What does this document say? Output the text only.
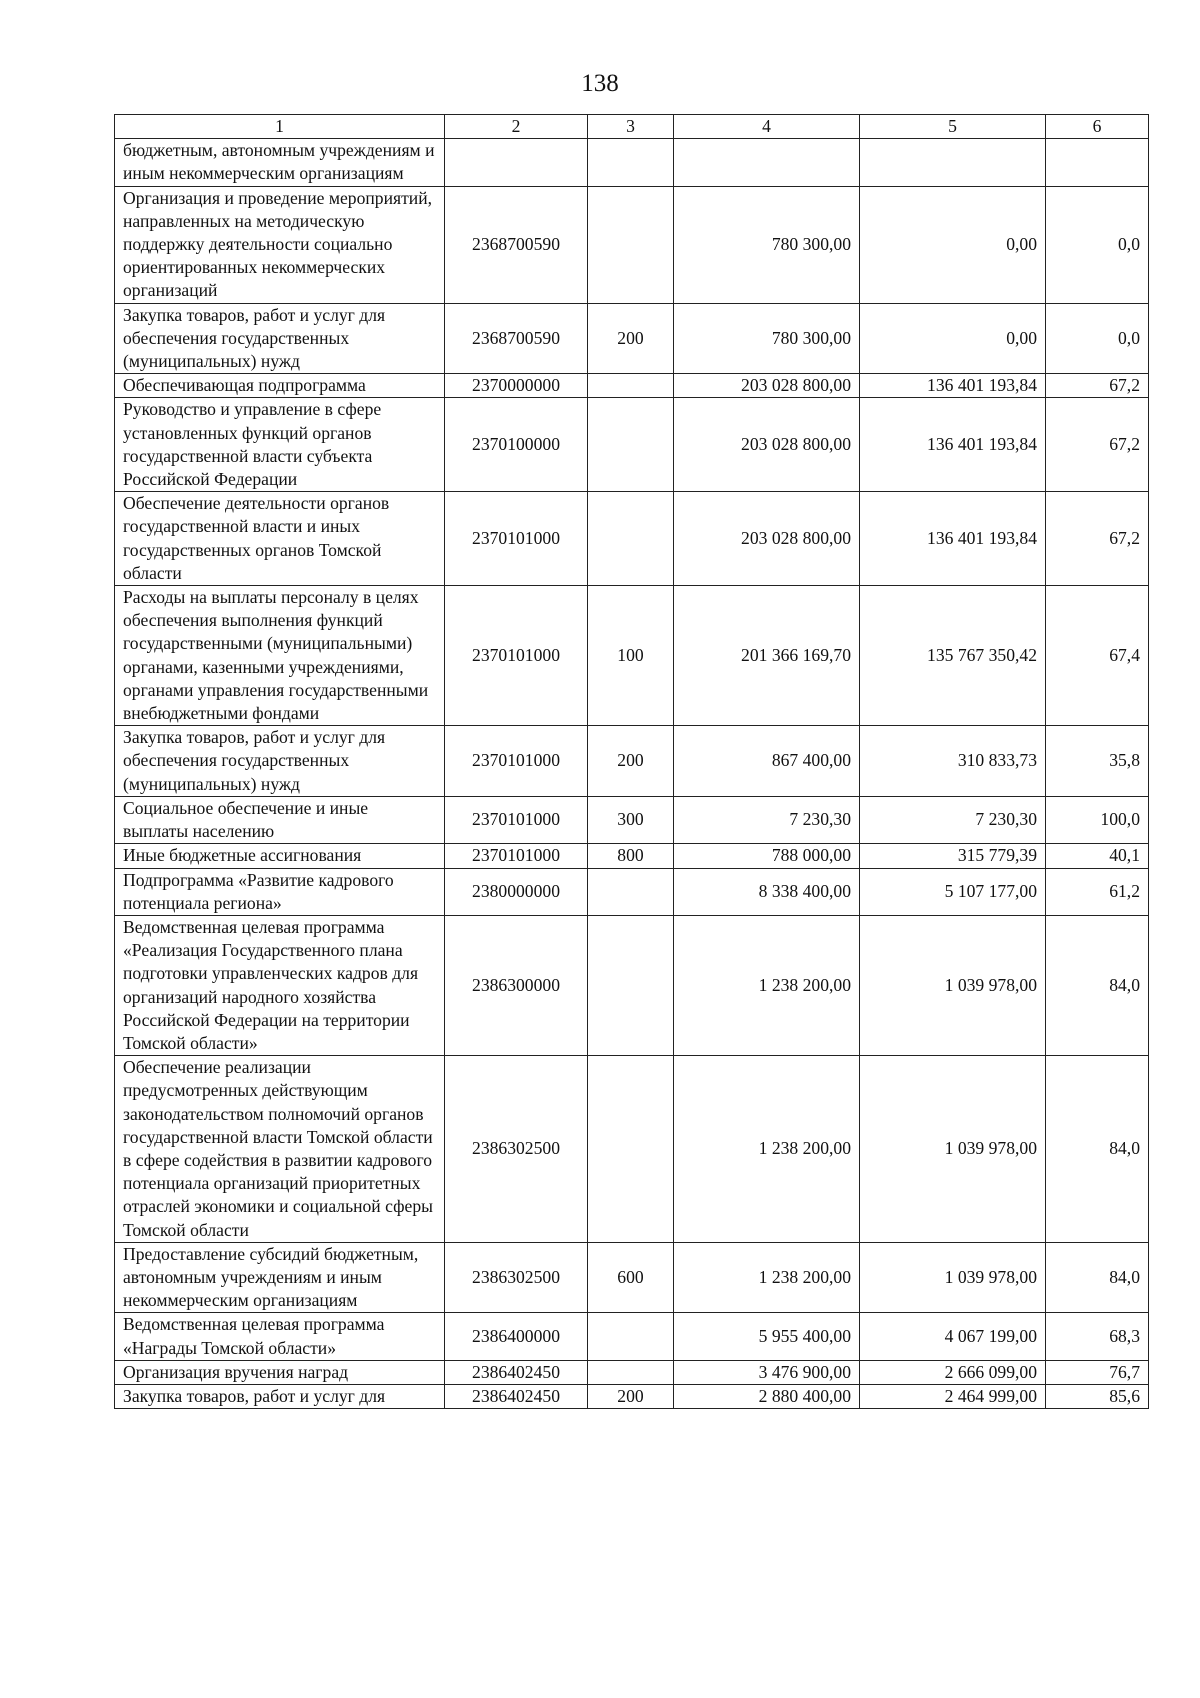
138
1	2	3	4	5	6
бюджетным, автономным учреждениям и иным некоммерческим организациям					
Организация и проведение мероприятий, направленных на методическую поддержку деятельности социально ориентированных некоммерческих организаций	2368700590		780 300,00	0,00	0,0
Закупка товаров, работ и услуг для обеспечения государственных (муниципальных) нужд	2368700590	200	780 300,00	0,00	0,0
Обеспечивающая подпрограмма	2370000000		203 028 800,00	136 401 193,84	67,2
Руководство и управление в сфере установленных функций органов государственной власти субъекта Российской Федерации	2370100000		203 028 800,00	136 401 193,84	67,2
Обеспечение деятельности органов государственной власти и иных государственных органов Томской области	2370101000		203 028 800,00	136 401 193,84	67,2
Расходы на выплаты персоналу в целях обеспечения выполнения функций государственными (муниципальными) органами, казенными учреждениями, органами управления государственными внебюджетными фондами	2370101000	100	201 366 169,70	135 767 350,42	67,4
Закупка товаров, работ и услуг для обеспечения государственных (муниципальных) нужд	2370101000	200	867 400,00	310 833,73	35,8
Социальное обеспечение и иные выплаты населению	2370101000	300	7 230,30	7 230,30	100,0
Иные бюджетные ассигнования	2370101000	800	788 000,00	315 779,39	40,1
Подпрограмма «Развитие кадрового потенциала региона»	2380000000		8 338 400,00	5 107 177,00	61,2
Ведомственная целевая программа «Реализация Государственного плана подготовки управленческих кадров для организаций народного хозяйства Российской Федерации на территории Томской области»	2386300000		1 238 200,00	1 039 978,00	84,0
Обеспечение реализации предусмотренных действующим законодательством полномочий органов государственной власти Томской области в сфере содействия в развитии кадрового потенциала организаций приоритетных отраслей экономики и социальной сферы Томской области	2386302500		1 238 200,00	1 039 978,00	84,0
Предоставление субсидий бюджетным, автономным учреждениям и иным некоммерческим организациям	2386302500	600	1 238 200,00	1 039 978,00	84,0
Ведомственная целевая программа «Награды Томской области»	2386400000		5 955 400,00	4 067 199,00	68,3
Организация вручения наград	2386402450		3 476 900,00	2 666 099,00	76,7
Закупка товаров, работ и услуг для	2386402450	200	2 880 400,00	2 464 999,00	85,6
